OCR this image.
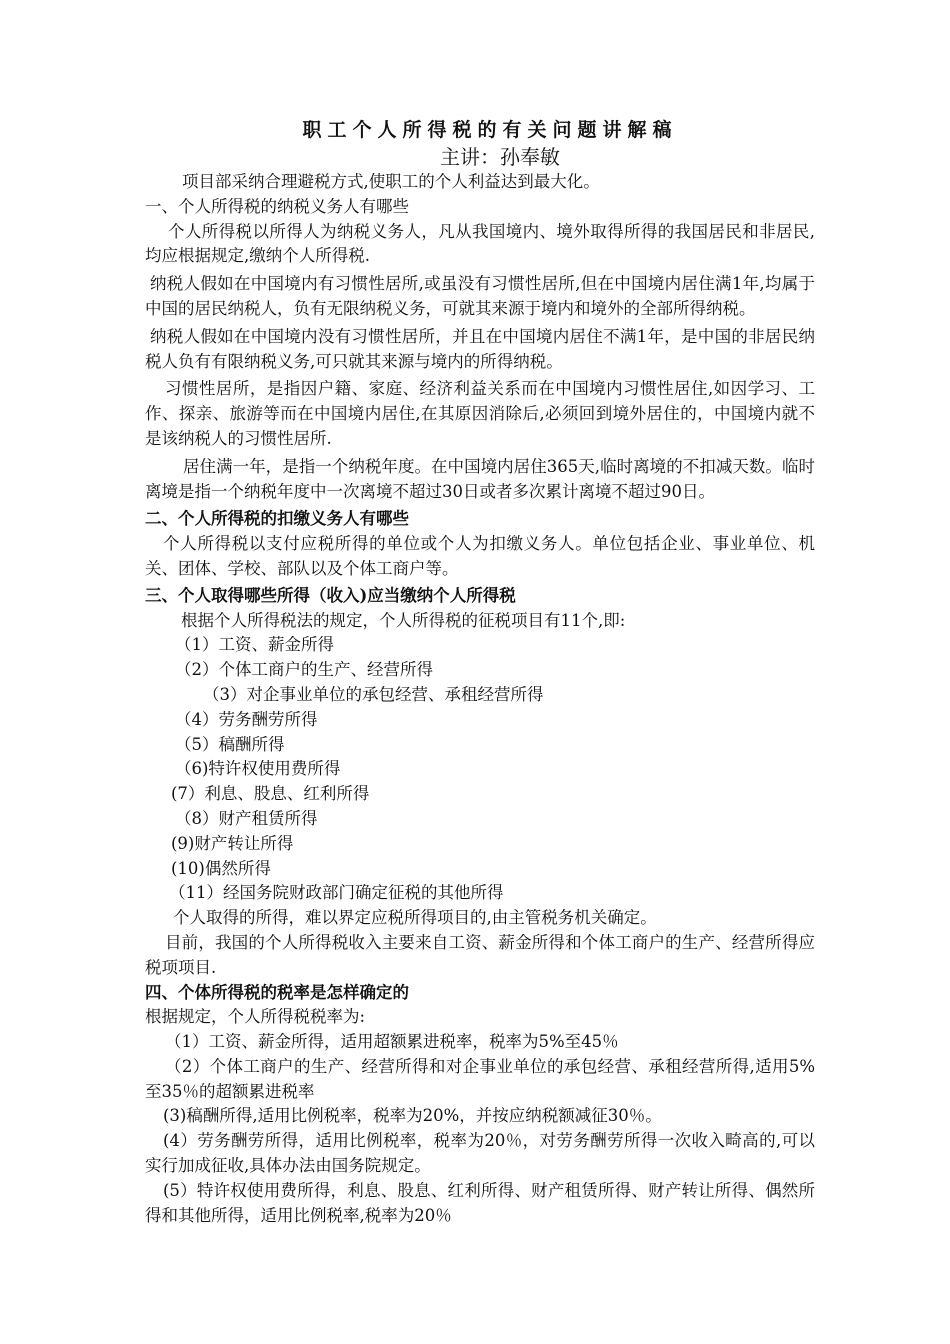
职工个人所得税的有关问题讲解稿
主讲：孙奉敏

项目部采纳合理避税方式,使职工的个人利益达到最大化。

一、个人所得税的纳税义务人有哪些

个人所得税以所得人为纳税义务人，凡从我国境内、境外取得所得的我国居民和非居民,均应根据规定,缴纳个人所得税.

纳税人假如在中国境内有习惯性居所,或虽没有习惯性居所,但在中国境内居住满1年,均属于中国的居民纳税人，负有无限纳税义务，可就其来源于境内和境外的全部所得纳税。

纳税人假如在中国境内没有习惯性居所，并且在中国境内居住不满1年，是中国的非居民纳税人负有有限纳税义务,可只就其来源与境内的所得纳税。

习惯性居所，是指因户籍、家庭、经济利益关系而在中国境内习惯性居住,如因学习、工作、探亲、旅游等而在中国境内居住,在其原因消除后,必须回到境外居住的，中国境内就不是该纳税人的习惯性居所.

居住满一年，是指一个纳税年度。在中国境内居住365天,临时离境的不扣减天数。临时离境是指一个纳税年度中一次离境不超过30日或者多次累计离境不超过90日。

二、个人所得税的扣缴义务人有哪些

个人所得税以支付应税所得的单位或个人为扣缴义务人。单位包括企业、事业单位、机关、团体、学校、部队以及个体工商户等。

三、个人取得哪些所得（收入)应当缴纳个人所得税

根据个人所得税法的规定，个人所得税的征税项目有11个,即:

（1）工资、薪金所得

（2）个体工商户的生产、经营所得

（3）对企事业单位的承包经营、承租经营所得

（4）劳务酬劳所得

（5）稿酬所得

（6)特许权使用费所得

(7）利息、股息、红利所得

（8）财产租赁所得

(9)财产转让所得

(10)偶然所得

（11）经国务院财政部门确定征税的其他所得

个人取得的所得，难以界定应税所得项目的,由主管税务机关确定。

目前，我国的个人所得税收入主要来自工资、薪金所得和个体工商户的生产、经营所得应税项项目.

四、个体所得税的税率是怎样确定的

根据规定，个人所得税税率为:

（1）工资、薪金所得，适用超额累进税率，税率为5%至45％

（2）个体工商户的生产、经营所得和对企事业单位的承包经营、承租经营所得,适用5%至35％的超额累进税率

(3)稿酬所得,适用比例税率，税率为20%，并按应纳税额减征30％。

(4）劳务酬劳所得，适用比例税率，税率为20％，对劳务酬劳所得一次收入畸高的,可以实行加成征收,具体办法由国务院规定。

(5）特许权使用费所得，利息、股息、红利所得、财产租赁所得、财产转让所得、偶然所得和其他所得，适用比例税率,税率为20％
